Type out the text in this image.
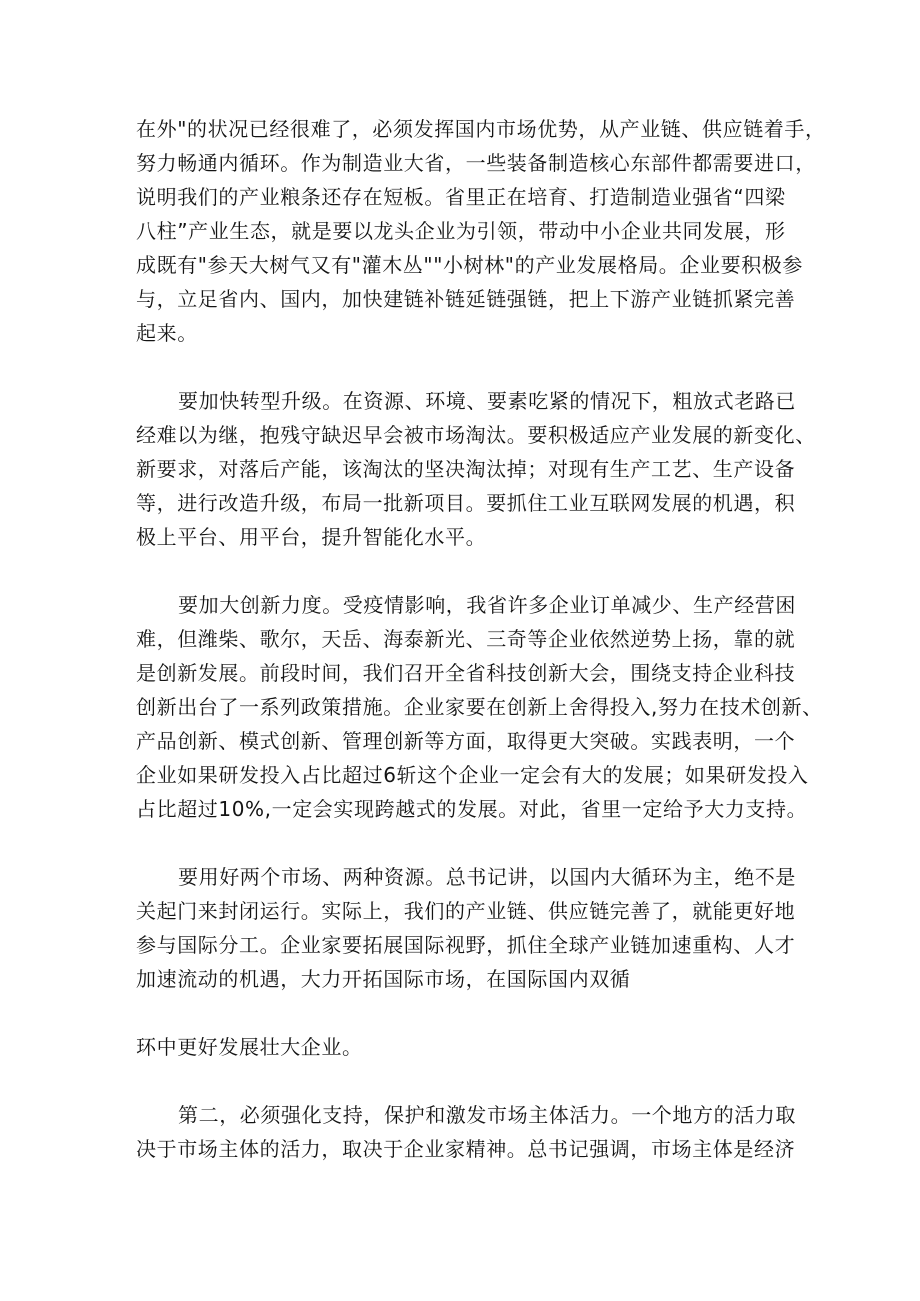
在外"的状况已经很难了，必须发挥国内市场优势，从产业链、供应链着手，

努力畅通内循环。作为制造业大省，一些装备制造核心东部件都需要进口，

说明我们的产业粮条还存在短板。省里正在培育、打造制造业强省“四梁

八柱”产业生态，就是要以龙头企业为引领，带动中小企业共同发展，形

成既有"参天大树气又有"灌木丛""小树林"的产业发展格局。企业要积极参

与，立足省内、国内，加快建链补链延链强链，把上下游产业链抓紧完善

起来。

要加快转型升级。在资源、环境、要素吃紧的情况下，粗放式老路已

经难以为继，抱残守缺迟早会被市场淘汰。要积极适应产业发展的新变化、

新要求，对落后产能，该淘汰的坚决淘汰掉；对现有生产工艺、生产设备

等，进行改造升级，布局一批新项目。要抓住工业互联网发展的机遇，积

极上平台、用平台，提升智能化水平。

要加大创新力度。受疫情影响，我省许多企业订单减少、生产经营困

难，但潍柴、歌尔，天岳、海泰新光、三奇等企业依然逆势上扬，靠的就

是创新发展。前段时间，我们召开全省科技创新大会，围绕支持企业科技

创新出台了一系列政策措施。企业家要在创新上舍得投入,努力在技术创新、

产品创新、模式创新、管理创新等方面，取得更大突破。实践表明，一个

企业如果研发投入占比超过6斩这个企业一定会有大的发展；如果研发投入

占比超过10%,一定会实现跨越式的发展。对此，省里一定给予大力支持。

要用好两个市场、两种资源。总书记讲，以国内大循环为主，绝不是

关起门来封闭运行。实际上，我们的产业链、供应链完善了，就能更好地

参与国际分工。企业家要拓展国际视野，抓住全球产业链加速重构、人才

加速流动的机遇，大力开拓国际市场，在国际国内双循

环中更好发展壮大企业。

第二，必须强化支持，保护和激发市场主体活力。一个地方的活力取

决于市场主体的活力，取决于企业家精神。总书记强调，市场主体是经济
